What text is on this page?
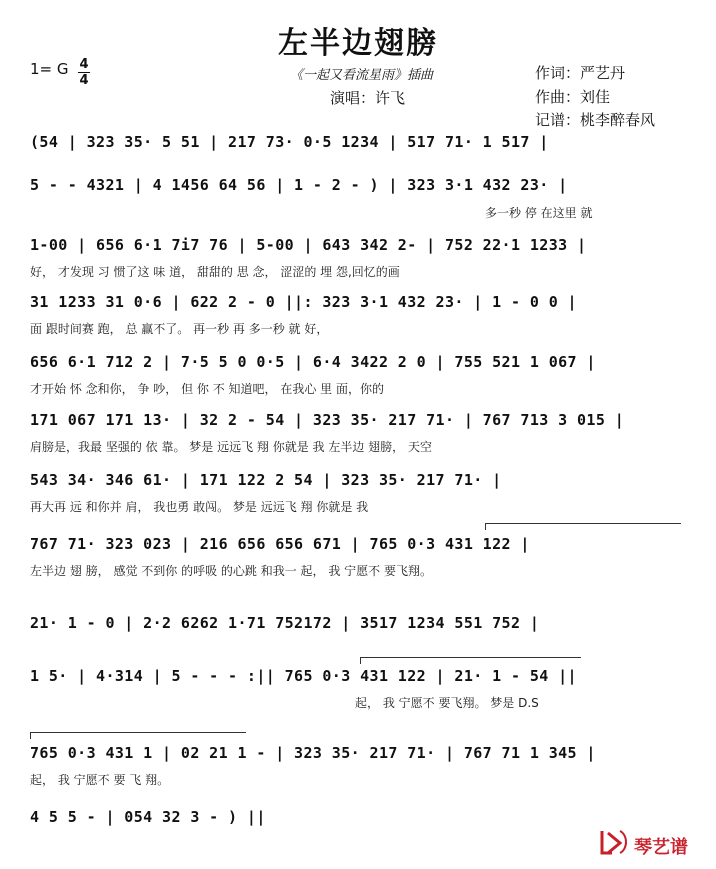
左半边翅膀
1= G 4
4	《一起又看流星雨》插曲
演唱：许飞
作词：严艺丹
作曲：刘佳
记谱：桃李醉春风
(54 | 323 35· 5 51 | 217 73· 0·5 1234 | 517 71· 1 517 |
5 - - 4321 | 4 1456 64 56 | 1 - 2 - ) | 323 3·1 432 23· |
多一秒 停 在这里 就
1-00 | 656 6·1 7i7 76 | 5-00 | 643 342 2- | 752 22·1 1233 |
好， 才发现 习 惯了这 味 道， 甜甜的 思 念， 涩涩的 埋 怨,回忆的画
31 1233 31 0·6 | 622 2 - 0 ||: 323 3·1 432 23· | 1 - 0 0 |
面 跟时间赛 跑， 总 赢不了。 再一秒 再 多一秒 就 好，
656 6·1 712 2 | 7·5 5 0 0·5 | 6·4 3422 2 0 | 755 521 1 067 |
才开始 怀 念和你， 争 吵， 但 你 不 知道吧， 在我心 里 面，你的
171 067 171 13· | 32 2 - 54 | 323 35· 217 71· | 767 713 3 015 |
肩膀是，我最 坚强的 依 靠。 梦是 远远飞 翔 你就是 我 左半边 翅膀， 天空
543 34· 346 61· | 171 122 2 54 | 323 35· 217 71· |
再大再 远 和你并 肩， 我也勇 敢闯。 梦是 远远飞 翔 你就是 我
767 71· 323 023 | 216 656 656 671 | 765 0·3 431 122 |
左半边 翅 膀， 感觉 不到你 的呼吸 的心跳 和我一 起， 我 宁愿不 要飞翔。
21· 1 - 0 | 2·2 6262 1·71 752172 | 3517 1234 551 752 |
1 5· | 4·314 | 5 - - - :|| 765 0·3 431 122 | 21· 1 - 54 ||
起， 我 宁愿不 要飞翔。 梦是 D.S
765 0·3 431 1 | 02 21 1 - | 323 35· 217 71· | 767 71 1 345 |
起， 我 宁愿不 要 飞 翔。
4 5 5 - | 054 32 3 - ) ||
琴艺谱
